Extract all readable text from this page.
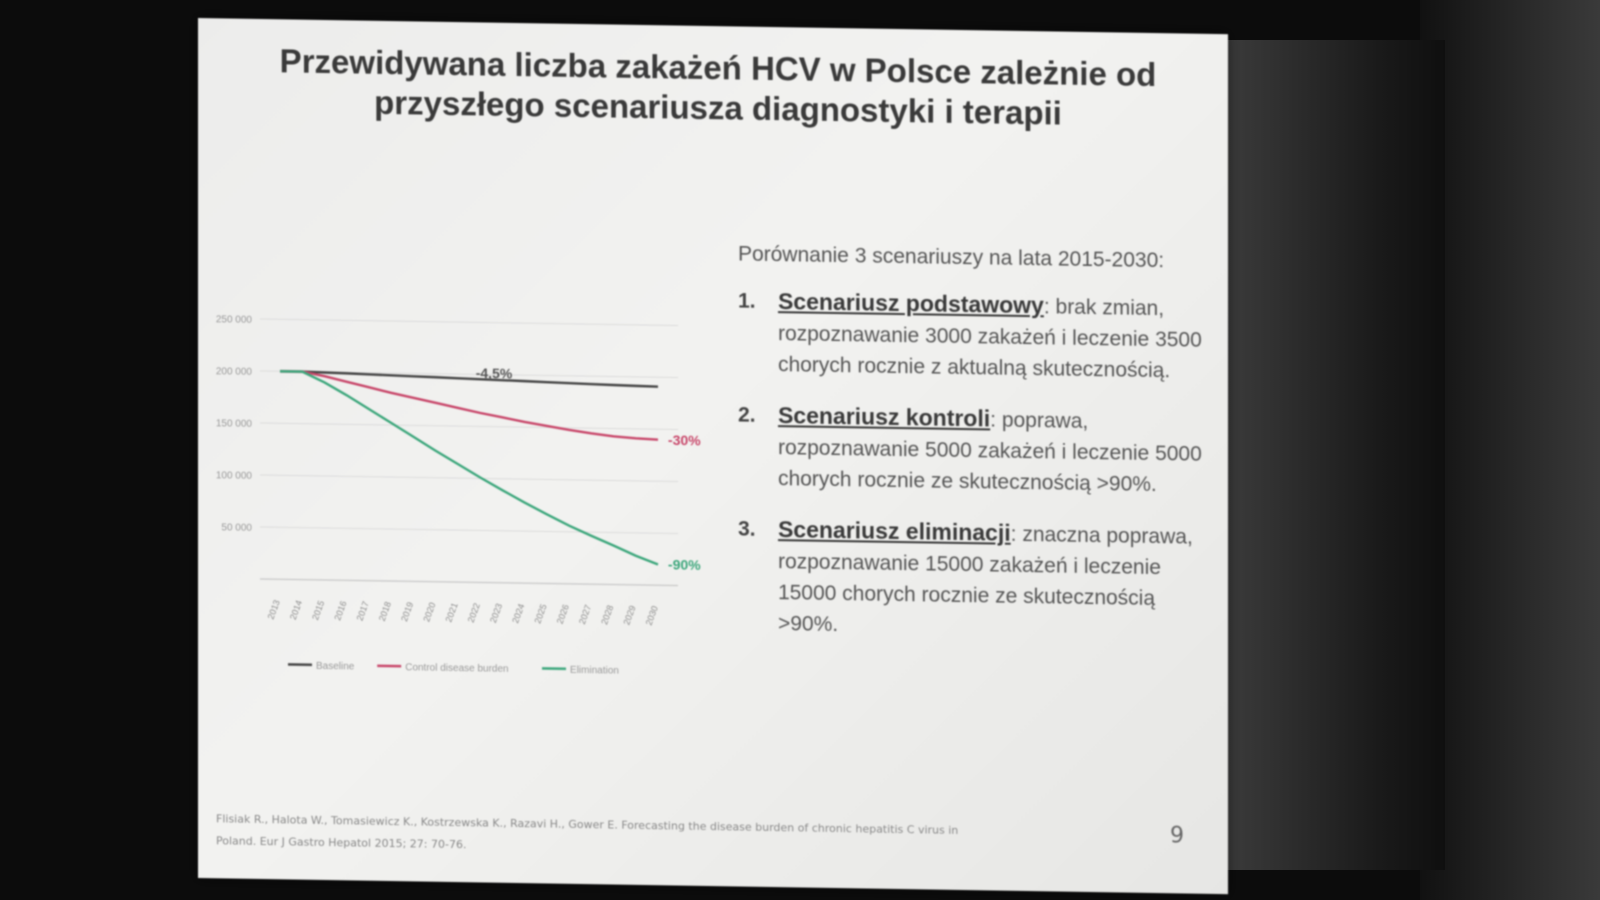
Przewidywana liczba zakażeń HCV w Polsce zależnie od
przyszłego scenariusza diagnostyki i terapii
250 000
200 000
150 000
100 000
50 000
2013 2014 2015 2016 2017 2018 2019 2020 2021 2022 2023 2024 2025 2026 2027 2028 2029 2030
-4,5%
-30%
-90%
Baseline	Control disease burden	Elimination
Porównanie 3 scenariuszy na lata 2015-2030:
1. Scenariusz podstawowy: brak zmian, rozpoznawanie 3000 zakażeń i leczenie 3500 chorych rocznie z aktualną skutecznością.
2. Scenariusz kontroli: poprawa, rozpoznawanie 5000 zakażeń i leczenie 5000 chorych rocznie ze skutecznością >90%.
3. Scenariusz eliminacji: znaczna poprawa, rozpoznawanie 15000 zakażeń i leczenie 15000 chorych rocznie ze skutecznością >90%.
Flisiak R., Halota W., Tomasiewicz K., Kostrzewska K., Razavi H., Gower E. Forecasting the disease burden of chronic hepatitis C virus in
Poland. Eur J Gastro Hepatol 2015; 27: 70-76.	9
